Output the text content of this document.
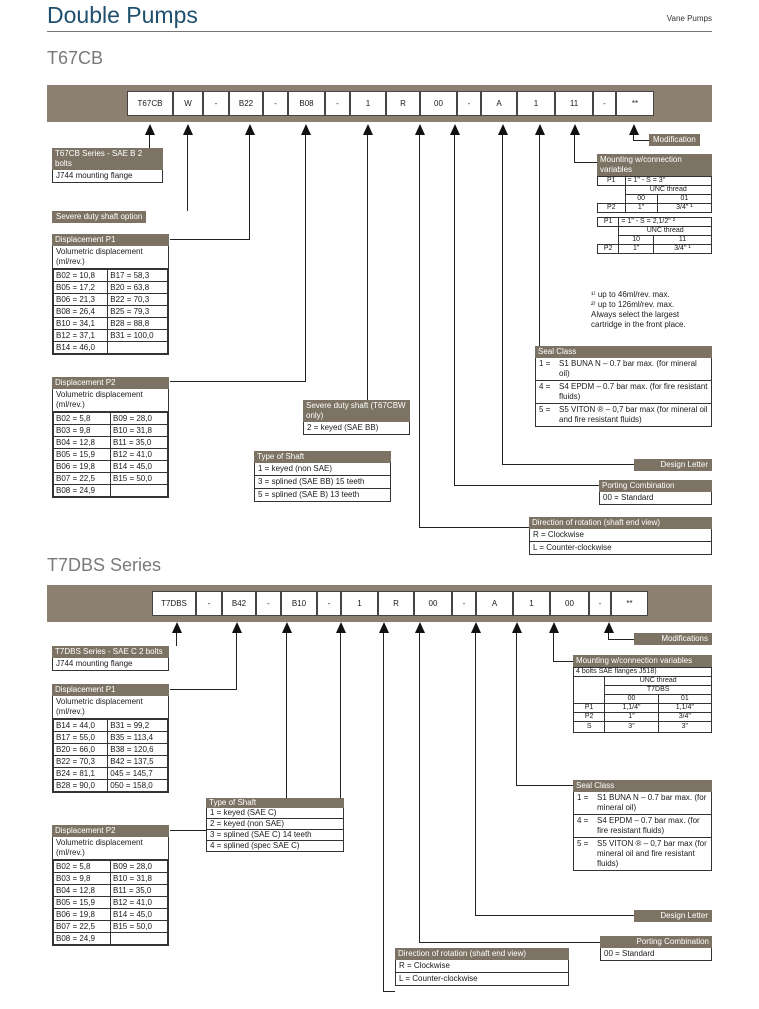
Double Pumps	Vane Pumps
T67CB
T67CB	W	-	B22	-	B08	-	1	R	00	-	A	1	11	-	**
T67CB Series - SAE B 2 bolts
J744 mounting flange
Severe duty shaft option
Displacement P1
Volumetric displacement (ml/rev.)
B02 = 10,8	B17 = 58,3
B05 = 17,2	B20 = 63,8
B06 = 21,3	B22 = 70,3
B08 = 26,4	B25 = 79,3
B10 = 34,1	B28 = 88,8
B12 = 37,1	B31 = 100,0
B14 = 46,0	
Displacement P2
Volumetric displacement (ml/rev.)
B02 = 5,8	B09 = 28,0
B03 = 9,8	B10 = 31,8
B04 = 12,8	B11 = 35,0
B05 = 15,9	B12 = 41,0
B06 = 19,8	B14 = 45,0
B07 = 22,5	B15 = 50,0
B08 = 24,9	
Severe duty shaft (T67CBW only)
2 = keyed (SAE BB)
Type of Shaft
1 = keyed (non SAE)
3 = splined (SAE BB) 15 teeth
5 = splined (SAE B) 13 teeth
Direction of rotation (shaft end view)
R = Clockwise
L = Counter-clockwise
Porting Combination
00 = Standard
Design Letter
Seal Class
1 =	S1 BUNA N – 0.7 bar max. (for mineral oil)
4 =	S4 EPDM – 0.7 bar max. (for fire resistant fluids)
5 =	S5 VITON ® – 0,7 bar max (for mineral oil and fire resistant fluids)
Mounting w/connection variables
P1	= 1" - S = 3"	
	UNC thread	
	00	01
P2	1"	3/4" ¹
P1	= 1" - S = 2,1/2" ²	
	UNC thread	
	10	11
P2	1"	3/4" ¹
¹⁾ up to 46ml/rev. max.
²⁾ up to 126ml/rev. max.
Always select the largest
cartridge in the front place.
Modification
T7DBS Series
T7DBS	-	B42	-	B10	-	1	R	00	-	A	1	00	-	**
T7DBS Series - SAE C 2 bolts
J744 mounting flange
Displacement P1
Volumetric displacement (ml/rev.)
B14 = 44,0	B31 = 99,2
B17 = 55,0	B35 = 113,4
B20 = 66,0	B38 = 120,6
B22 = 70,3	B42 = 137,5
B24 = 81,1	045 = 145,7
B28 = 90,0	050 = 158,0
Displacement P2
Volumetric displacement (ml/rev.)
B02 = 5,8	B09 = 28,0
B03 = 9,8	B10 = 31,8
B04 = 12,8	B11 = 35,0
B05 = 15,9	B12 = 41,0
B06 = 19,8	B14 = 45,0
B07 = 22,5	B15 = 50,0
B08 = 24,9	
Type of Shaft
1 = keyed (SAE C)
2 = keyed (non SAE)
3 = splined (SAE C) 14 teeth
4 = splined (spec SAE C)
Direction of rotation (shaft end view)
R = Clockwise
L = Counter-clockwise
Porting Combination
00 = Standard
Design Letter
Seal Class
1 =	S1 BUNA N – 0.7 bar max. (for mineral oil)
4 =	S4 EPDM – 0.7 bar max. (for fire resistant fluids)
5 =	S5 VITON ® – 0,7 bar max (for mineral oil and fire resistant fluids)
Mounting w/connection variables
4 bolts SAE flanges J518)		
	UNC thread	
	T7DBS	
	00	01
P1	1,1/4"	1,1/4"
P2	1"	3/4"
S	3"	3"
Modifications
